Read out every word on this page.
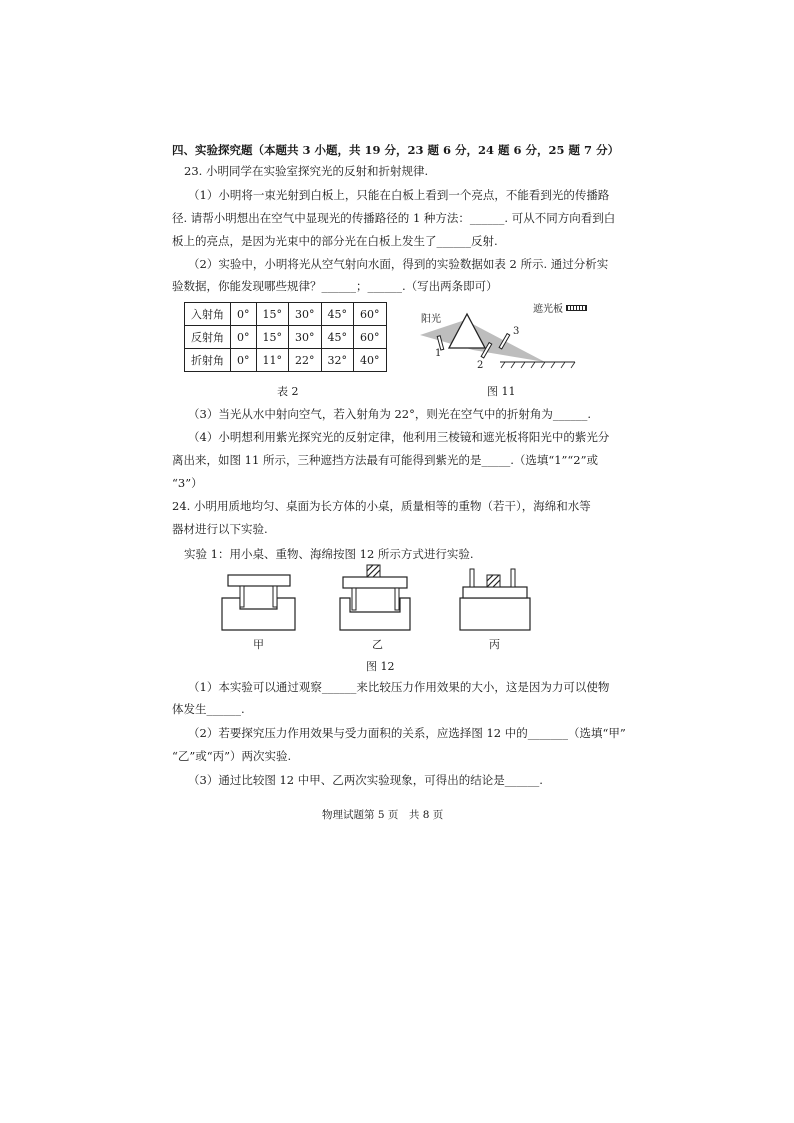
四、实验探究题（本题共 3 小题，共 19 分，23 题 6 分，24 题 6 分，25 题 7 分）
23. 小明同学在实验室探究光的反射和折射规律.
（1）小明将一束光射到白板上，只能在白板上看到一个亮点，不能看到光的传播路
径. 请帮小明想出在空气中显现光的传播路径的 1 种方法：______. 可从不同方向看到白
板上的亮点，是因为光束中的部分光在白板上发生了______反射.
（2）实验中，小明将光从空气射向水面，得到的实验数据如表 2 所示. 通过分析实
验数据，你能发现哪些规律？______；______.（写出两条即可）
入射角	0°	15°	30°	45°	60°
反射角	0°	15°	30°	45°	60°
折射角	0°	11°	22°	32°	40°
表 2
阳光
1
2
3
遮光板
图 11
（3）当光从水中射向空气，若入射角为 22°，则光在空气中的折射角为______.
（4）小明想利用紫光探究光的反射定律，他利用三棱镜和遮光板将阳光中的紫光分
离出来，如图 11 所示，三种遮挡方法最有可能得到紫光的是_____.（选填“1”“2”或
“3”）
24. 小明用质地均匀、桌面为长方体的小桌，质量相等的重物（若干），海绵和水等
器材进行以下实验.
实验 1：用小桌、重物、海绵按图 12 所示方式进行实验.
甲	乙	丙
图 12
（1）本实验可以通过观察______来比较压力作用效果的大小，这是因为力可以使物
体发生______.
（2）若要探究压力作用效果与受力面积的关系，应选择图 12 中的_______（选填“甲”
“乙”或“丙”）两次实验.
（3）通过比较图 12 中甲、乙两次实验现象，可得出的结论是______.
物理试题第 5 页　共 8 页
